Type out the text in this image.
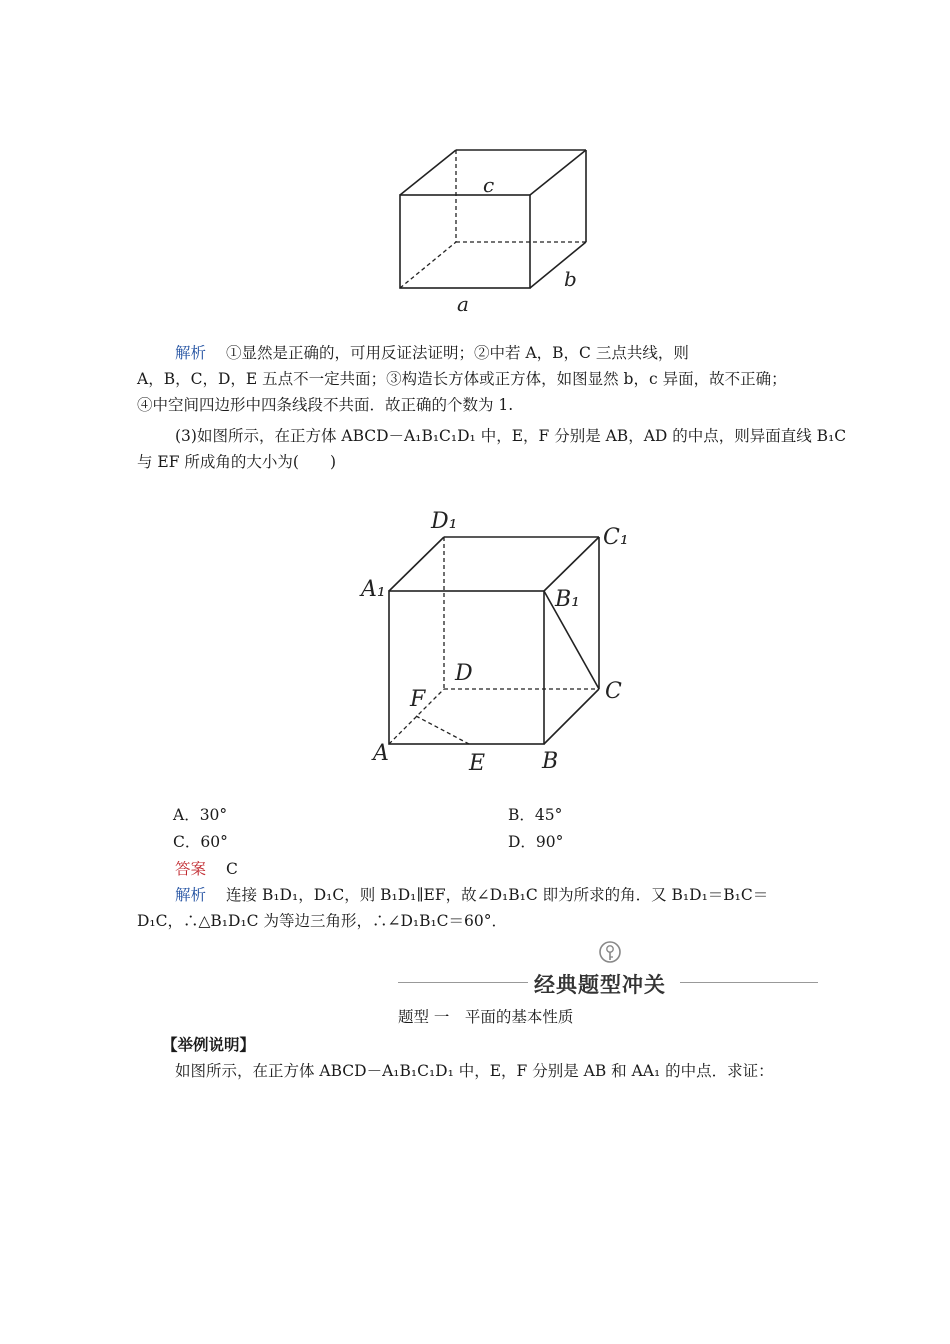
c
b
a
解析 ①显然是正确的，可用反证法证明；②中若 A，B，C 三点共线，则
A，B，C，D，E 五点不一定共面；③构造长方体或正方体，如图显然 b，c 异面，故不正确；
④中空间四边形中四条线段不共面．故正确的个数为 1.
(3)如图所示，在正方体 ABCD－A₁B₁C₁D₁ 中，E，F 分别是 AB，AD 的中点，则异面直线 B₁C
与 EF 所成角的大小为(　　)
D₁
C₁
A₁	B₁
D
C
F
A	E	B
A．30°	B．45°
C．60°	D．90°
答案 C
解析 连接 B₁D₁，D₁C，则 B₁D₁∥EF，故∠D₁B₁C 即为所求的角．又 B₁D₁＝B₁C＝
D₁C，∴△B₁D₁C 为等边三角形，∴∠D₁B₁C＝60°．
经典题型冲关
题型 一　平面的基本性质
【举例说明】
如图所示，在正方体 ABCD－A₁B₁C₁D₁ 中，E，F 分别是 AB 和 AA₁ 的中点．求证：
